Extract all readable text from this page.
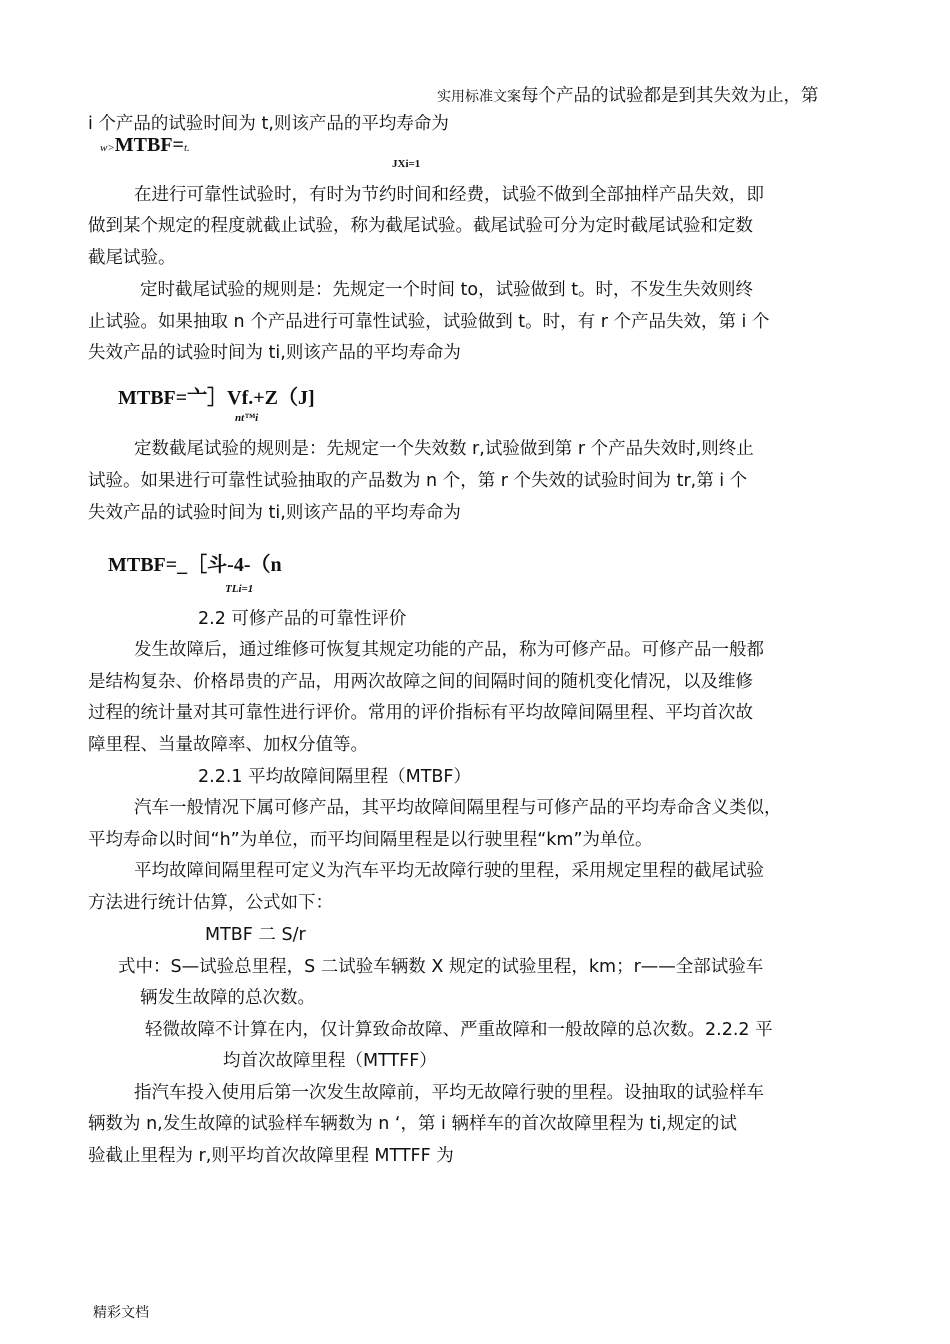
实用标准文案每个产品的试验都是到其失效为止，第
i 个产品的试验时间为 t,则该产品的平均寿命为
w>MTBF=t.
JXi=1
在进行可靠性试验时，有时为节约时间和经费，试验不做到全部抽样产品失效，即
做到某个规定的程度就截止试验，称为截尾试验。截尾试验可分为定时截尾试验和定数
截尾试验。
定时截尾试验的规则是：先规定一个时间 to，试验做到 t。时，不发生失效则终
止试验。如果抽取 n 个产品进行可靠性试验，试验做到 t。时，有 r 个产品失效，第 i 个
失效产品的试验时间为 ti,则该产品的平均寿命为
MTBF=亠］Vf.+Z（J]
nt™i
定数截尾试验的规则是：先规定一个失效数 r,试验做到第 r 个产品失效时,则终止
试验。如果进行可靠性试验抽取的产品数为 n 个，第 r 个失效的试验时间为 tr,第 i 个
失效产品的试验时间为 ti,则该产品的平均寿命为
MTBF=_［斗-4-（n
TLi=1
2.2 可修产品的可靠性评价
发生故障后，通过维修可恢复其规定功能的产品，称为可修产品。可修产品一般都
是结构复杂、价格昂贵的产品，用两次故障之间的间隔时间的随机变化情况，以及维修
过程的统计量对其可靠性进行评价。常用的评价指标有平均故障间隔里程、平均首次故
障里程、当量故障率、加权分值等。
2.2.1 平均故障间隔里程（MTBF）
汽车一般情况下属可修产品，其平均故障间隔里程与可修产品的平均寿命含义类似，
平均寿命以时间“h”为单位，而平均间隔里程是以行驶里程“km”为单位。
平均故障间隔里程可定义为汽车平均无故障行驶的里程，采用规定里程的截尾试验
方法进行统计估算，公式如下：
MTBF 二 S/r
式中：S—试验总里程，S 二试验车辆数 X 规定的试验里程，km；r——全部试验车
辆发生故障的总次数。
轻微故障不计算在内，仅计算致命故障、严重故障和一般故障的总次数。2.2.2 平
均首次故障里程（MTTFF）
指汽车投入使用后第一次发生故障前，平均无故障行驶的里程。设抽取的试验样车
辆数为 n,发生故障的试验样车辆数为 n ‘，第 i 辆样车的首次故障里程为 ti,规定的试
验截止里程为 r,则平均首次故障里程 MTTFF 为
精彩文档
